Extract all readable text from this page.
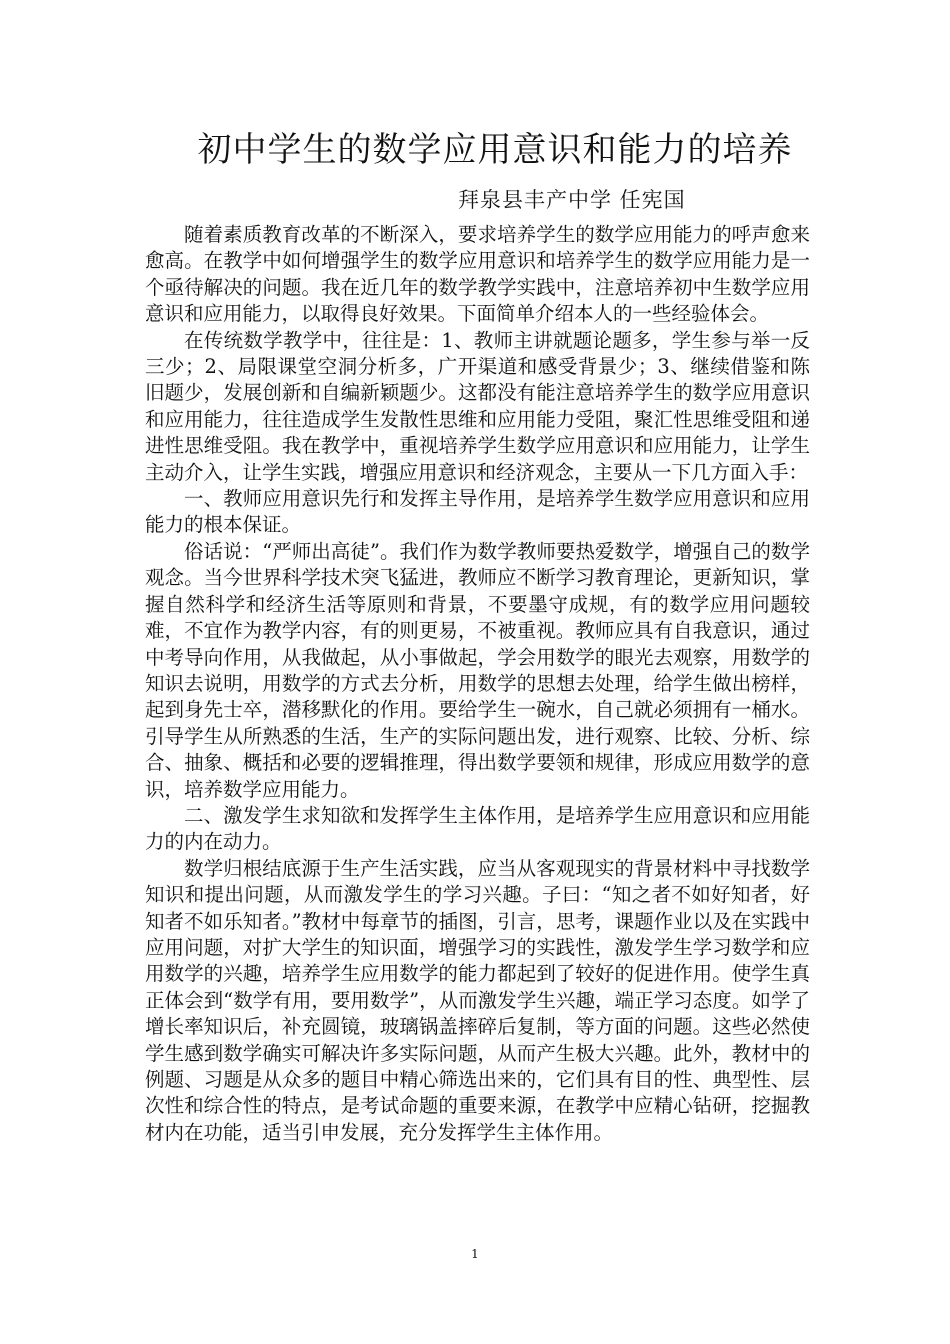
初中学生的数学应用意识和能力的培养
拜泉县丰产中学 任宪国

随着素质教育改革的不断深入，要求培养学生的数学应用能力的呼声愈来愈高。在教学中如何增强学生的数学应用意识和培养学生的数学应用能力是一个亟待解决的问题。我在近几年的数学教学实践中，注意培养初中生数学应用意识和应用能力，以取得良好效果。下面简单介绍本人的一些经验体会。

在传统数学教学中，往往是：1、教师主讲就题论题多，学生参与举一反三少；2、局限课堂空洞分析多，广开渠道和感受背景少；3、继续借鉴和陈旧题少，发展创新和自编新颖题少。这都没有能注意培养学生的数学应用意识和应用能力，往往造成学生发散性思维和应用能力受阻，聚汇性思维受阻和递进性思维受阻。我在教学中，重视培养学生数学应用意识和应用能力，让学生主动介入，让学生实践，增强应用意识和经济观念，主要从一下几方面入手：

一、教师应用意识先行和发挥主导作用，是培养学生数学应用意识和应用能力的根本保证。

俗话说：“严师出高徒”。我们作为数学教师要热爱数学，增强自己的数学观念。当今世界科学技术突飞猛进，教师应不断学习教育理论，更新知识，掌握自然科学和经济生活等原则和背景，不要墨守成规，有的数学应用问题较难，不宜作为教学内容，有的则更易，不被重视。教师应具有自我意识，通过中考导向作用，从我做起，从小事做起，学会用数学的眼光去观察，用数学的知识去说明，用数学的方式去分析，用数学的思想去处理，给学生做出榜样，起到身先士卒，潜移默化的作用。要给学生一碗水，自己就必须拥有一桶水。引导学生从所熟悉的生活，生产的实际问题出发，进行观察、比较、分析、综合、抽象、概括和必要的逻辑推理，得出数学要领和规律，形成应用数学的意识，培养数学应用能力。

二、激发学生求知欲和发挥学生主体作用，是培养学生应用意识和应用能力的内在动力。

数学归根结底源于生产生活实践，应当从客观现实的背景材料中寻找数学知识和提出问题，从而激发学生的学习兴趣。子曰：“知之者不如好知者，好知者不如乐知者。”教材中每章节的插图，引言，思考，课题作业以及在实践中应用问题，对扩大学生的知识面，增强学习的实践性，激发学生学习数学和应用数学的兴趣，培养学生应用数学的能力都起到了较好的促进作用。使学生真正体会到“数学有用，要用数学”，从而激发学生兴趣，端正学习态度。如学了增长率知识后，补充圆镜，玻璃锅盖摔碎后复制，等方面的问题。这些必然使学生感到数学确实可解决许多实际问题，从而产生极大兴趣。此外，教材中的例题、习题是从众多的题目中精心筛选出来的，它们具有目的性、典型性、层次性和综合性的特点，是考试命题的重要来源，在教学中应精心钻研，挖掘教材内在功能，适当引申发展，充分发挥学生主体作用。

1
